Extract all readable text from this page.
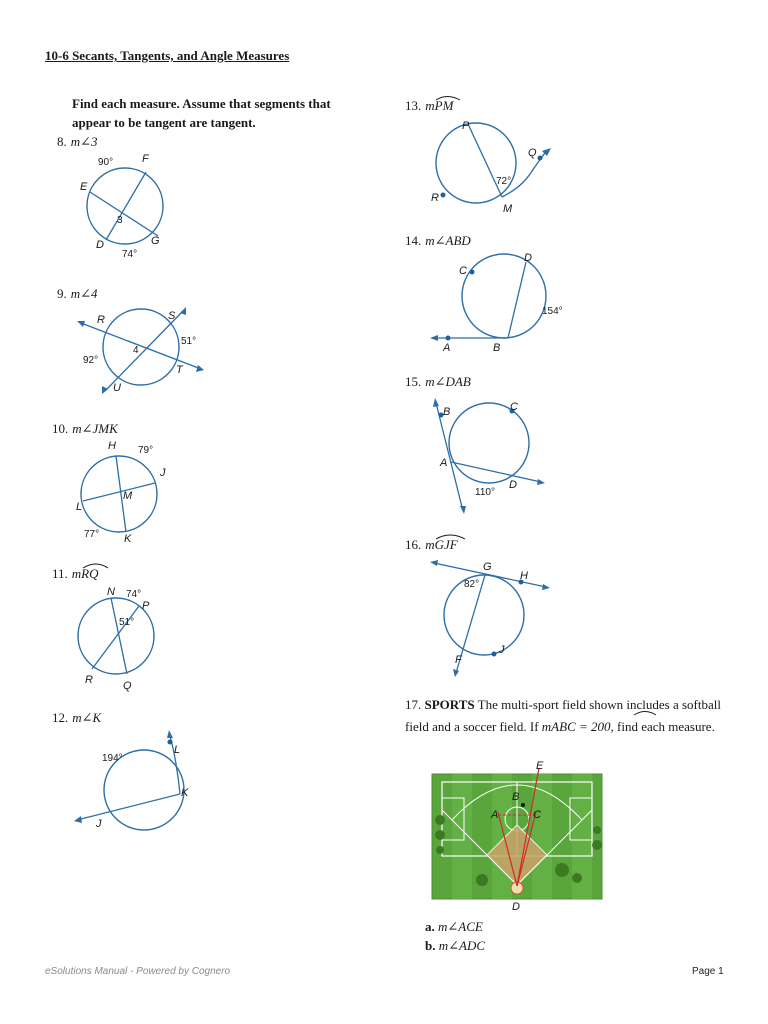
10-6 Secants, Tangents, and Angle Measures
Find each measure. Assume that segments that appear to be tangent are tangent.
8. m∠3
9. m∠4
10. m∠JMK
11. mRQ
12. m∠K
13. mPM
14. m∠ABD
15. m∠DAB
16. mGJF
90°	F
E
3
D	G
74°
R	S
51°
4
92°
T
U
H 79°
J
M
L
77° K
N 74°
P
51°
R	Q
194°
L
K
J
P
Q
72°
R
M
C
D
154°
A	B
B	C
A
110°
D
G
82°
H
J
F
17. SPORTS The multi-sport field shown includes a softball field and a soccer field. If mABC = 200, find each measure.
E
B
A	C
D
a. m∠ACE
b. m∠ADC
eSolutions Manual - Powered by Cognero	Page 1
